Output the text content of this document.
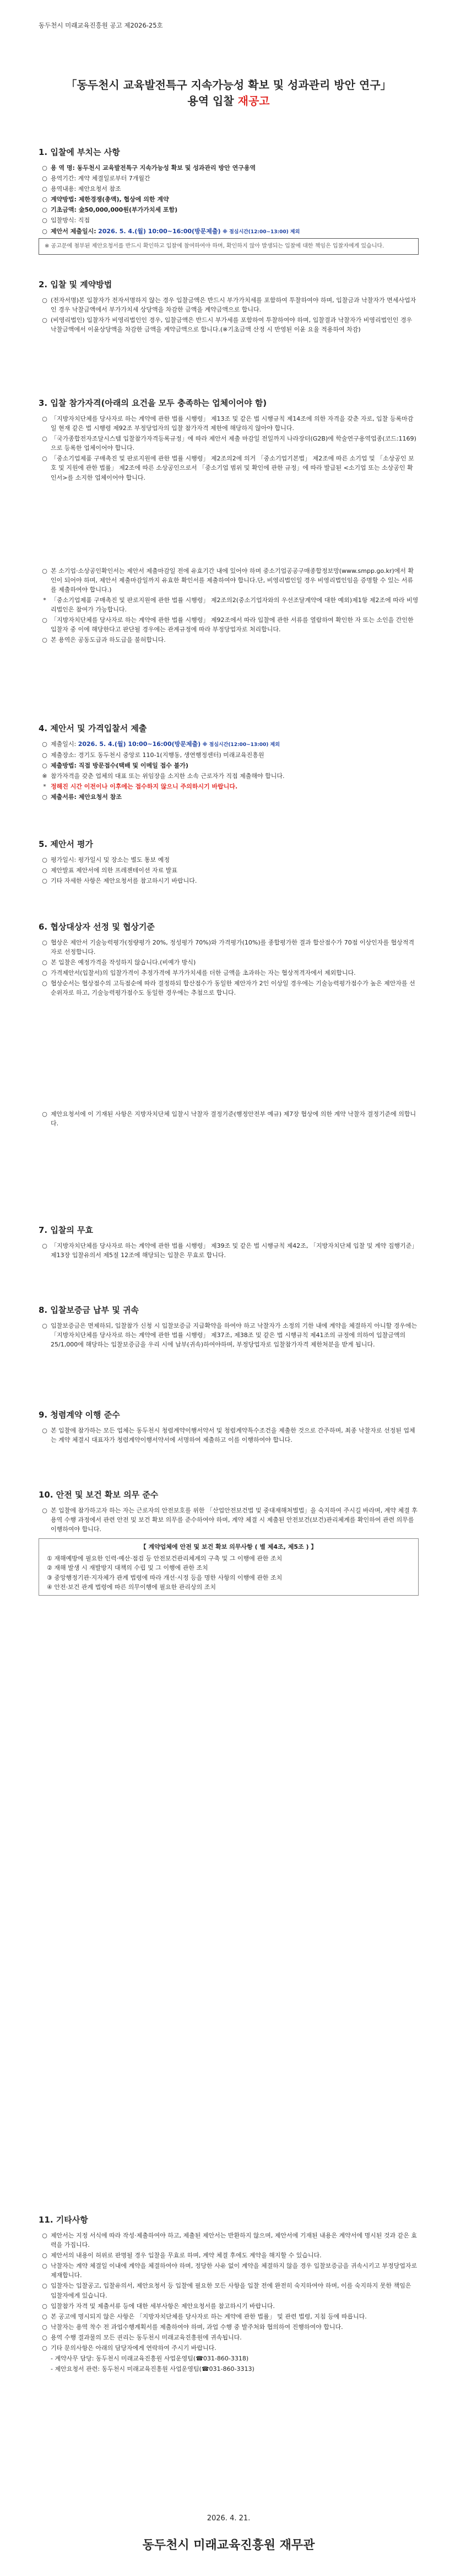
동두천시 미래교육진흥원 공고 제2026-25호
「동두천시 교육발전특구 지속가능성 확보 및 성과관리 방안 연구」
용역 입찰 재공고
1. 입찰에 부치는 사항
○ 용 역 명: 동두천시 교육발전특구 지속가능성 확보 및 성과관리 방안 연구용역
○ 용역기간: 계약 체결일로부터 7개월간
○ 용역내용: 제안요청서 참조
○ 계약방법: 제한경쟁(총액), 협상에 의한 계약
○ 기초금액: 金50,000,000원(부가가치세 포함)
○ 입찰방식: 직접
○ 제안서 제출일시: 2026. 5. 4.(월) 10:00~16:00(방문제출) ※ 점심시간(12:00~13:00) 제외
※ 공고문에 첨부된 제안요청서를 반드시 확인하고 입찰에 참여하여야 하며, 확인하지 않아 발생되는 입찰에 대한 책임은 입찰자에게 있습니다.
2. 입찰 및 계약방법
○ (전자서명)본 입찰자가 전자서명하지 않는 경우 입찰금액은 반드시 부가가치세를 포함하여 투찰하여야 하며, 입찰금과 낙찰자가 면세사업자인 경우 낙찰금액에서 부가가치세 상당액을 차감한 금액을 계약금액으로 합니다.
○ (비영리법인) 입찰자가 비영리법인인 경우, 입찰금액은 반드시 부가세를 포함하여 투찰하여야 하며, 입찰결과 낙찰자가 비영리법인인 경우 낙찰금액에서 이윤상당액을 차감한 금액을 계약금액으로 합니다.(※기초금액 산정 시 반영된 이윤 요율 적용하여 차감)
3. 입찰 참가자격(아래의 요건을 모두 충족하는 업체이어야 함)
○ 「지방자치단체를 당사자로 하는 계약에 관한 법률 시행령」 제13조 및 같은 법 시행규칙 제14조에 의한 자격을 갖춘 자로, 입찰 등록마감일 현재 같은 법 시행령 제92조 부정당업자의 입찰 참가자격 제한에 해당하지 않아야 합니다.
○ 「국가종합전자조달시스템 입찰참가자격등록규정」에 따라 제안서 제출 마감일 전일까지 나라장터(G2B)에 학술연구용역업종(코드:1169)으로 등록한 업체이어야 합니다.
○ 「중소기업제품 구매촉진 및 판로지원에 관한 법률 시행령」 제2조의2에 의거 「중소기업기본법」 제2조에 따른 소기업 및 「소상공인 보호 및 지원에 관한 법률」 제2조에 따른 소상공인으로서 「중소기업 범위 및 확인에 관한 규정」에 따라 발급된 <소기업 또는 소상공인 확인서>를 소지한 업체이어야 합니다.
○ 본 소기업·소상공인확인서는 제안서 제출마감일 전에 유효기간 내에 있어야 하며 중소기업공공구매종합정보망(www.smpp.go.kr)에서 확인이 되어야 하며, 제안서 제출마감일까지 유효한 확인서를 제출하여야 합니다.단, 비영리법인일 경우 비영리법인임을 증명할 수 있는 서류를 제출하여야 합니다.)
* 「중소기업제품 구매촉진 및 판로지원에 관한 법률 시행령」 제2조의2(중소기업자와의 우선조달계약에 대한 예외)제1항 제2조에 따라 비영리법인은 참여가 가능합니다.
○ 「지방자치단체를 당사자로 하는 계약에 관한 법률 시행령」 제92조에서 따라 입찰에 관한 서류를 열람하여 확인한 자 또는 소인을 간인한 입찰자 중 이에 해당한다고 판단될 경우에는 관계규정에 따라 부정당업자로 처리합니다.
○ 본 용역은 공동도급과 하도급을 불허합니다.
4. 제안서 및 가격입찰서 제출
○ 제출일시: 2026. 5. 4.(월) 10:00~16:00(방문제출) ※ 점심시간(12:00~13:00) 제외
○ 제출장소: 경기도 동두천시 중앙로 110-1(지행동, 생연행정센터) 미래교육진흥원
○ 제출방법: 직접 방문접수(택배 및 이메일 접수 불가)
※ 참가자격을 갖춘 업체의 대표 또는 위임장을 소지한 소속 근로자가 직접 제출해야 합니다.
* 정해진 시간 이전이나 이후에는 접수하지 않으니 주의하시기 바랍니다.
○ 제출서류: 제안요청서 참조
5. 제안서 평가
○ 평가일시: 평가일시 및 장소는 별도 통보 예정
○ 제안발표 제안서에 의한 프레젠테이션 자료 발표
○ 기타 자세한 사항은 제안요청서를 참고하시기 바랍니다.
6. 협상대상자 선정 및 협상기준
○ 협상은 제안서 기술능력평가(정량평가 20%, 정성평가 70%)와 가격평가(10%)를 종합평가한 결과 합산점수가 70점 이상인자를 협상적격자로 선정합니다.
○ 본 입찰은 예정가격을 작성하지 않습니다.(비예가 방식)
○ 가격제안서(입찰서)의 입찰가격이 추정가격에 부가가치세를 더한 금액을 초과하는 자는 협상적격자에서 제외합니다.
○ 협상순서는 협상점수의 고득점순에 따라 결정하되 합산점수가 동일한 제안자가 2인 이상일 경우에는 기술능력평가점수가 높은 제안자를 선순위자로 하고, 기술능력평가점수도 동일한 경우에는 추첨으로 합니다.
○ 제안요청서에 이 기재된 사항은 지방자치단체 입찰시 낙찰자 결정기준(행정안전부 예규) 제7장 협상에 의한 계약 낙찰자 결정기준에 의합니다.
7. 입찰의 무효
○ 「지방자치단체를 당사자로 하는 계약에 관한 법률 시행령」 제39조 및 같은 법 시행규칙 제42조, 「지방자치단체 입찰 및 계약 집행기준」 제13장 입찰유의서 제5절 12조에 해당되는 입찰은 무효로 합니다.
8. 입찰보증금 납부 및 귀속
○ 입찰보증금은 면제하되, 입찰참가 신청 시 입찰보증금 지급확약을 하여야 하고 낙찰자가 소정의 기한 내에 계약을 체결하지 아니할 경우에는 「지방자치단체를 당사자로 하는 계약에 관한 법률 시행령」 제37조, 제38조 및 같은 법 시행규칙 제41조의 규정에 의하여 입찰금액의 25/1,000에 해당하는 입찰보증금을 우리 시에 납부(귀속)하여야하며, 부정당업자로 입찰참가자격 제한처분을 받게 됩니다.
9. 청렴계약 이행 준수
○ 본 입찰에 참가하는 모든 업체는 동두천시 청렴계약이행서약서 및 청렴계약특수조건을 제출한 것으로 간주하며, 최종 낙찰자로 선정된 업체는 계약 체결시 대표자가 청렴계약이행서약서에 서명하여 제출하고 이를 이행하여야 합니다.
10. 안전 및 보건 확보 의무 준수
○ 본 입찰에 참가하고자 하는 자는 근로자의 안전보호를 위한 「산업안전보건법 및 중대재해처벌법」을 숙지하여 주시길 바라며, 계약 체결 후 용역 수행 과정에서 관련 안전 및 보건 확보 의무를 준수하여야 하며, 계약 체결 시 제출된 안전보건(보건)관리체계를 확인하여 관련 의무를 이행하여야 합니다.
【 계약업체에 안전 및 보건 확보 의무사항 ( 별 제4조, 제5조 ) 】
① 재해예방에 필요한 인력·예산·점검 등 안전보건관리체계의 구축 및 그 이행에 관한 조치
② 재해 발생 시 재발방지 대책의 수립 및 그 이행에 관한 조치
③ 중앙행정기관·지자체가 관계 법령에 따라 개선·시정 등을 명한 사항의 이행에 관한 조치
④ 안전·보건 관계 법령에 따른 의무이행에 필요한 관리상의 조치
11. 기타사항
○ 제안서는 지정 서식에 따라 작성·제출하여야 하고, 제출된 제안서는 반환하지 않으며, 제안서에 기재된 내용은 계약서에 명시된 것과 같은 효력을 가집니다.
○ 제안서의 내용이 허위로 판명될 경우 입찰을 무효로 하며, 계약 체결 후에도 계약을 해지할 수 있습니다.
○ 낙찰자는 계약 체결일 이내에 계약을 체결하여야 하며, 정당한 사유 없이 계약을 체결하지 않을 경우 입찰보증금을 귀속시키고 부정당업자로 제재합니다.
○ 입찰자는 입찰공고, 입찰유의서, 제안요청서 등 입찰에 필요한 모든 사항을 입찰 전에 완전히 숙지하여야 하며, 이를 숙지하지 못한 책임은 입찰자에게 있습니다.
○ 입찰참가 자격 및 제출서류 등에 대한 세부사항은 제안요청서를 참고하시기 바랍니다.
○ 본 공고에 명시되지 않은 사항은 「지방자치단체를 당사자로 하는 계약에 관한 법률」 및 관련 법령, 지침 등에 따릅니다.
○ 낙찰자는 용역 착수 전 과업수행계획서를 제출하여야 하며, 과업 수행 중 발주처와 협의하여 진행하여야 합니다.
○ 용역 수행 결과물의 모든 권리는 동두천시 미래교육진흥원에 귀속됩니다.
○ 기타 문의사항은 아래의 담당자에게 연락하여 주시기 바랍니다.
- 계약사무 담당: 동두천시 미래교육진흥원 사업운영팀(☎031-860-3318)
- 제안요청서 관련: 동두천시 미래교육진흥원 사업운영팀(☎031-860-3313)
2026. 4. 21.
동두천시 미래교육진흥원 재무관
